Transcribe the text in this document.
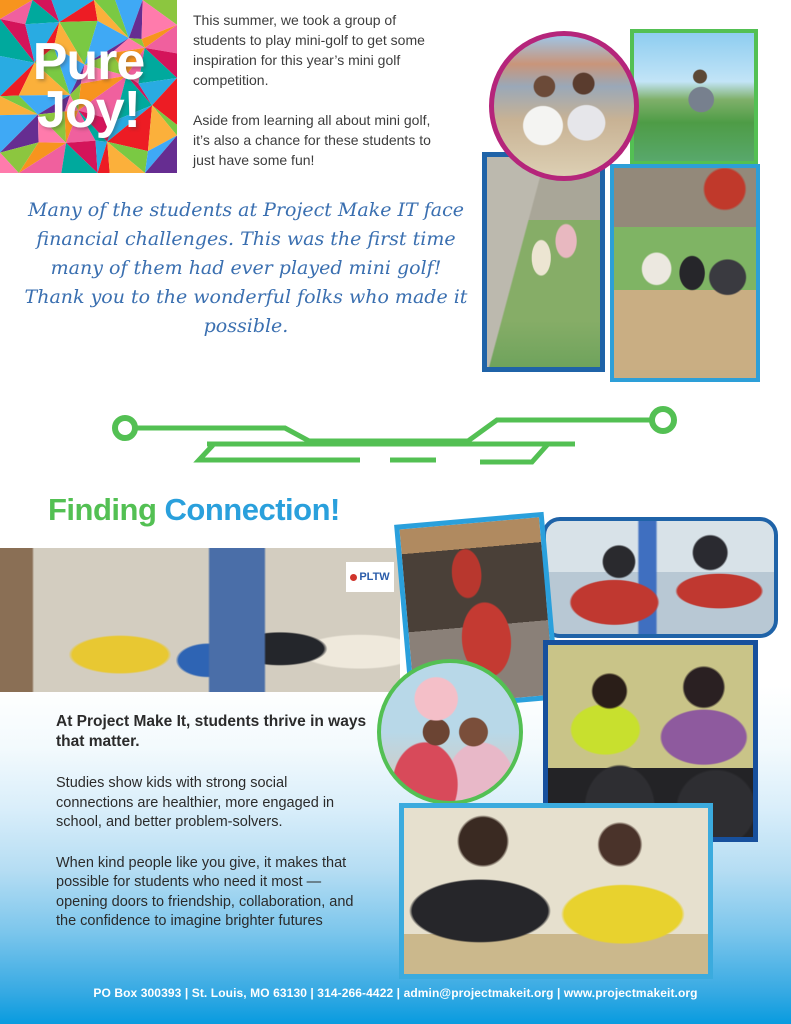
Pure
Joy!

This summer, we took a group of students to play mini-golf to get some inspiration for this year’s mini golf competition.

Aside from learning all about mini golf, it’s also a chance for these students to just have some fun!

Many of the students at Project Make IT face financial challenges. This was the first time many of them had ever played mini golf! Thank you to the wonderful folks who made it possible.
Finding Connection!
PLTW

At Project Make It, students thrive in ways that matter.

Studies show kids with strong social connections are healthier, more engaged in school, and better problem-solvers.

When kind people like you give, it makes that possible for students who need it most —opening doors to friendship, collaboration, and the confidence to imagine brighter futures

PO Box 300393 | St. Louis, MO 63130 | 314-266-4422 | admin@projectmakeit.org | www.projectmakeit.org
